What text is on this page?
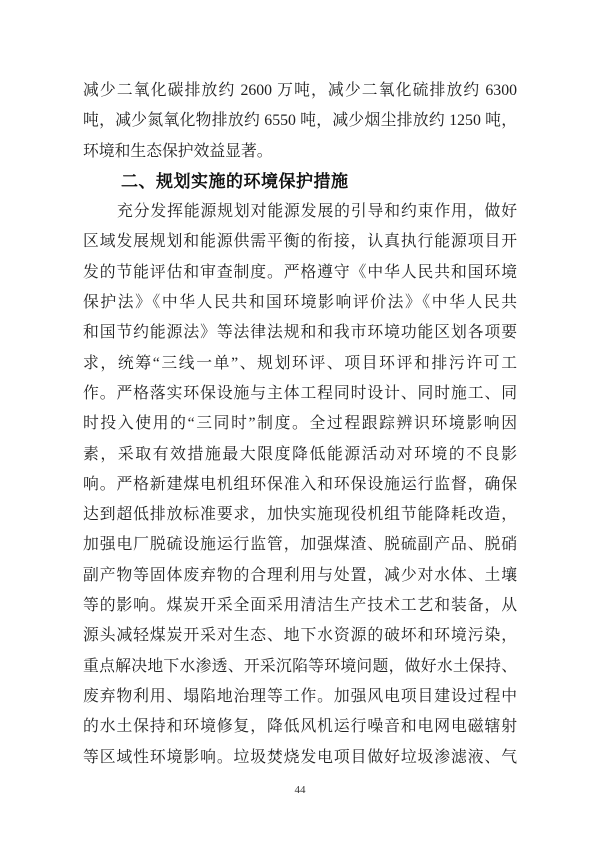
减少二氧化碳排放约 2600 万吨，减少二氧化硫排放约 6300
吨，减少氮氧化物排放约 6550 吨，减少烟尘排放约 1250 吨，
环境和生态保护效益显著。
二、规划实施的环境保护措施
充分发挥能源规划对能源发展的引导和约束作用，做好
区域发展规划和能源供需平衡的衔接，认真执行能源项目开
发的节能评估和审查制度。严格遵守《中华人民共和国环境
保护法》《中华人民共和国环境影响评价法》《中华人民共
和国节约能源法》等法律法规和和我市环境功能区划各项要
求，统筹“三线一单”、规划环评、项目环评和排污许可工
作。严格落实环保设施与主体工程同时设计、同时施工、同
时投入使用的“三同时”制度。全过程跟踪辨识环境影响因
素，采取有效措施最大限度降低能源活动对环境的不良影
响。严格新建煤电机组环保准入和环保设施运行监督，确保
达到超低排放标准要求，加快实施现役机组节能降耗改造，
加强电厂脱硫设施运行监管，加强煤渣、脱硫副产品、脱硝
副产物等固体废弃物的合理利用与处置，减少对水体、土壤
等的影响。煤炭开采全面采用清洁生产技术工艺和装备，从
源头减轻煤炭开采对生态、地下水资源的破坏和环境污染，
重点解决地下水渗透、开采沉陷等环境问题，做好水土保持、
废弃物利用、塌陷地治理等工作。加强风电项目建设过程中
的水土保持和环境修复，降低风机运行噪音和电网电磁辖射
等区域性环境影响。垃圾焚烧发电项目做好垃圾渗滤液、气
44
